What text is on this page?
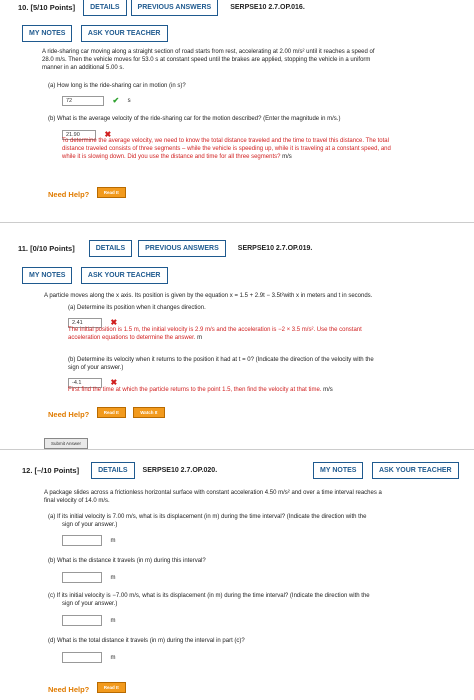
10. [5/10 Points]	DETAILS	PREVIOUS ANSWERS	SERPSE10 2.7.OP.016.
MY NOTES	ASK YOUR TEACHER
A ride-sharing car moving along a straight section of road starts from rest, accelerating at 2.00 m/s² until it reaches a speed of
28.0 m/s. Then the vehicle moves for 53.0 s at constant speed until the brakes are applied, stopping the vehicle in a uniform
manner in an additional 5.00 s.
(a) How long is the ride-sharing car in motion (in s)?
72	✔ s
(b) What is the average velocity of the ride-sharing car for the motion described? (Enter the magnitude in m/s.)
21.90	✖
To determine the average velocity, we need to know the total distance traveled and the time to travel this distance. The total
distance traveled consists of three segments – while the vehicle is speeding up, while it is traveling at a constant speed, and
while it is slowing down. Did you use the distance and time for all three segments? m/s
Need Help?	Read It
11. [0/10 Points]	DETAILS	PREVIOUS ANSWERS	SERPSE10 2.7.OP.019.
MY NOTES	ASK YOUR TEACHER
A particle moves along the x axis. Its position is given by the equation x = 1.5 + 2.9t − 3.5t²with x in meters and t in seconds.
(a) Determine its position when it changes direction.
2.41	✖
The initial position is 1.5 m, the initial velocity is 2.9 m/s and the acceleration is −2 × 3.5 m/s². Use the constant
acceleration equations to determine the answer. m
(b) Determine its velocity when it returns to the position it had at t = 0? (Indicate the direction of the velocity with the
sign of your answer.)
-4.1	✖
First find the time at which the particle returns to the point 1.5, then find the velocity at that time. m/s
Need Help?	Read It	Watch It
Submit Answer
12. [–/10 Points]	DETAILS	SERPSE10 2.7.OP.020.	MY NOTES	ASK YOUR TEACHER
A package slides across a frictionless horizontal surface with constant acceleration 4.50 m/s² and over a time interval reaches a
final velocity of 14.0 m/s.
(a) If its initial velocity is 7.00 m/s, what is its displacement (in m) during the time interval? (Indicate the direction with the
sign of your answer.)
m
(b) What is the distance it travels (in m) during this interval?
m
(c) If its initial velocity is −7.00 m/s, what is its displacement (in m) during the time interval? (Indicate the direction with the
sign of your answer.)
m
(d) What is the total distance it travels (in m) during the interval in part (c)?
m
Need Help?	Read It
